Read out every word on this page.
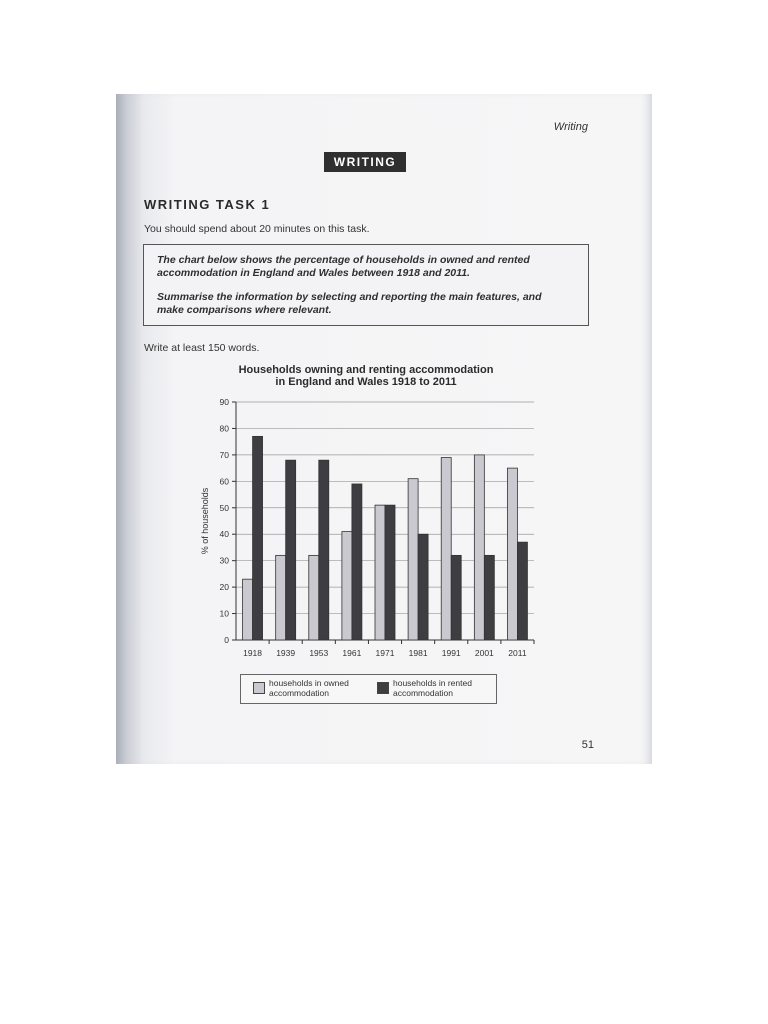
Writing
WRITING
WRITING TASK 1
You should spend about 20 minutes on this task.

The chart below shows the percentage of households in owned and rented

accommodation in England and Wales between 1918 and 2011.

Summarise the information by selecting and reporting the main features, and

make comparisons where relevant.

Write at least 150 words.
Households owning and renting accommodation
in England and Wales 1918 to 2011
0
10
20
30
40
50
60
70
80
90
% of households
1918 1939 1953 1961 1971 1981 1991 2001 2011
households in owned
accommodation
households in rented
accommodation
51
